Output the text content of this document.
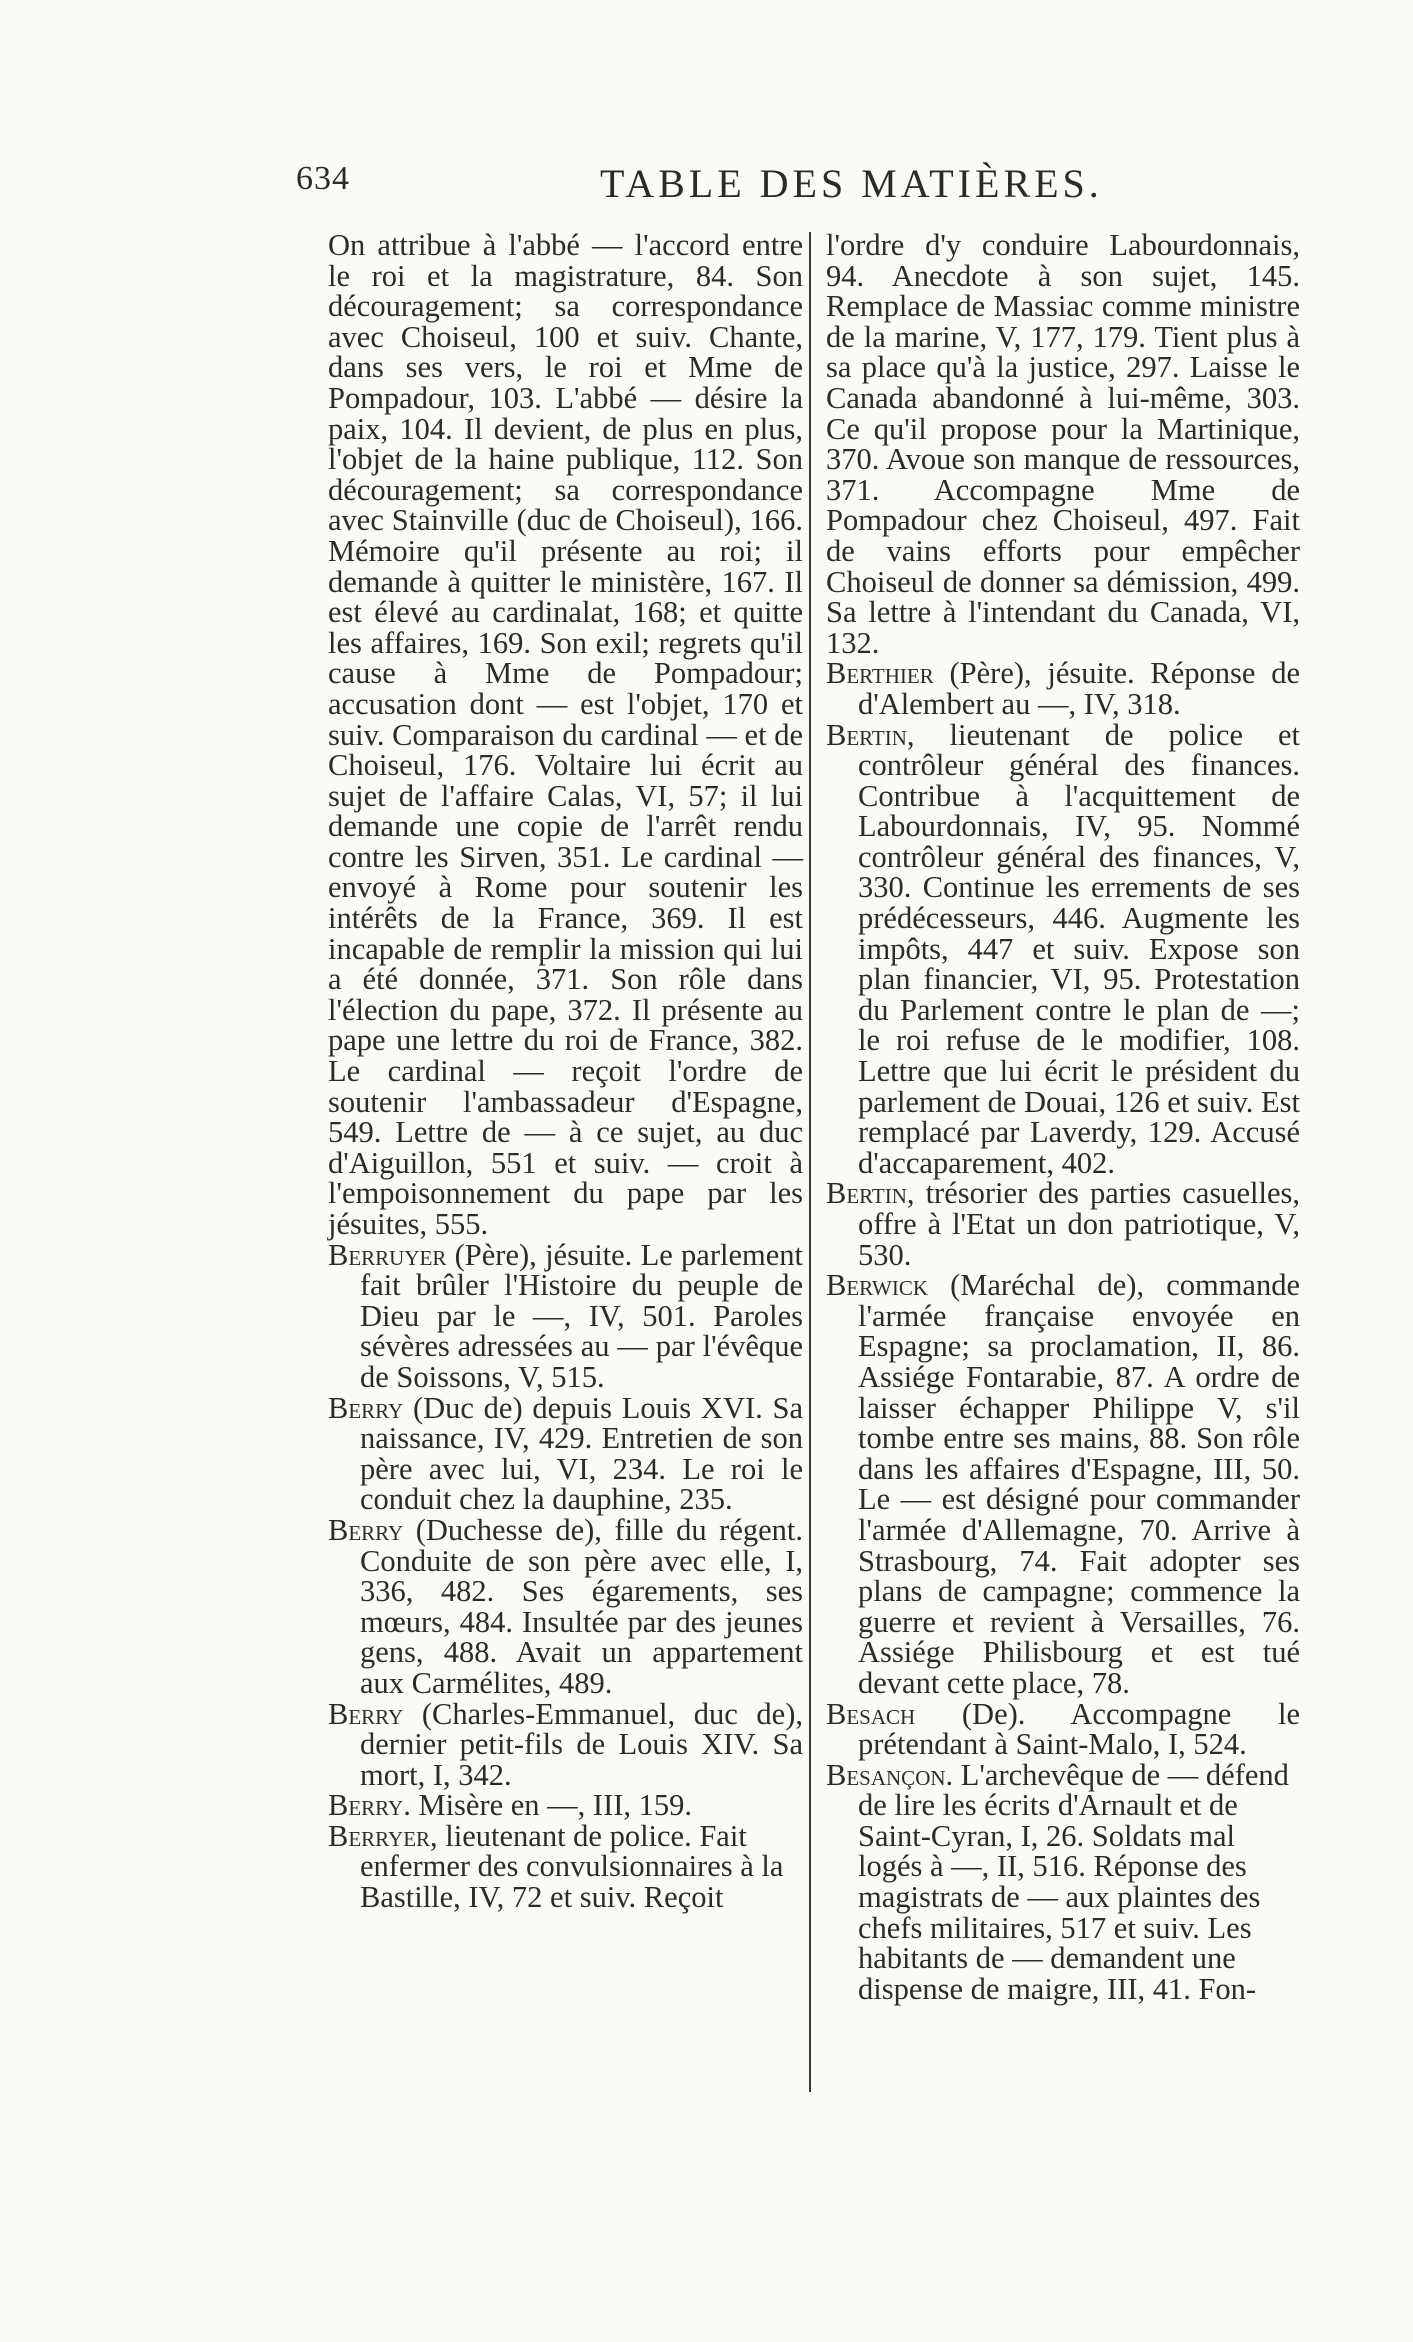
634	TABLE DES MATIÈRES.

On attribue à l'abbé — l'accord entre le roi et la magistrature, 84. Son découragement; sa correspondance avec Choiseul, 100 et suiv. Chante, dans ses vers, le roi et Mme de Pompadour, 103. L'abbé — désire la paix, 104. Il devient, de plus en plus, l'objet de la haine publique, 112. Son découragement; sa correspondance avec Stainville (duc de Choiseul), 166. Mémoire qu'il présente au roi; il demande à quitter le ministère, 167. Il est élevé au cardinalat, 168; et quitte les affaires, 169. Son exil; regrets qu'il cause à Mme de Pompadour; accusation dont — est l'objet, 170 et suiv. Comparaison du cardinal — et de Choiseul, 176. Voltaire lui écrit au sujet de l'affaire Calas, VI, 57; il lui demande une copie de l'arrêt rendu contre les Sirven, 351. Le cardinal — envoyé à Rome pour soutenir les intérêts de la France, 369. Il est incapable de remplir la mission qui lui a été donnée, 371. Son rôle dans l'élection du pape, 372. Il présente au pape une lettre du roi de France, 382. Le cardinal — reçoit l'ordre de soutenir l'ambassadeur d'Espagne, 549. Lettre de — à ce sujet, au duc d'Aiguillon, 551 et suiv. — croit à l'empoisonnement du pape par les jésuites, 555.

Berruyer (Père), jésuite. Le parlement fait brûler l'Histoire du peuple de Dieu par le —, IV, 501. Paroles sévères adressées au — par l'évêque de Soissons, V, 515.

Berry (Duc de) depuis Louis XVI. Sa naissance, IV, 429. Entretien de son père avec lui, VI, 234. Le roi le conduit chez la dauphine, 235.

Berry (Duchesse de), fille du régent. Conduite de son père avec elle, I, 336, 482. Ses égarements, ses mœurs, 484. Insultée par des jeunes gens, 488. Avait un appartement aux Carmélites, 489.

Berry (Charles-Emmanuel, duc de), dernier petit-fils de Louis XIV. Sa mort, I, 342.

Berry. Misère en —, III, 159.

Berryer, lieutenant de police. Fait enfermer des convulsionnaires à la Bastille, IV, 72 et suiv. Reçoit

l'ordre d'y conduire Labourdonnais, 94. Anecdote à son sujet, 145. Remplace de Massiac comme ministre de la marine, V, 177, 179. Tient plus à sa place qu'à la justice, 297. Laisse le Canada abandonné à lui-même, 303. Ce qu'il propose pour la Martinique, 370. Avoue son manque de ressources, 371. Accompagne Mme de Pompadour chez Choiseul, 497. Fait de vains efforts pour empêcher Choiseul de donner sa démission, 499. Sa lettre à l'intendant du Canada, VI, 132.

Berthier (Père), jésuite. Réponse de d'Alembert au —, IV, 318.

Bertin, lieutenant de police et contrôleur général des finances. Contribue à l'acquittement de Labourdonnais, IV, 95. Nommé contrôleur général des finances, V, 330. Continue les errements de ses prédécesseurs, 446. Augmente les impôts, 447 et suiv. Expose son plan financier, VI, 95. Protestation du Parlement contre le plan de —; le roi refuse de le modifier, 108. Lettre que lui écrit le président du parlement de Douai, 126 et suiv. Est remplacé par Laverdy, 129. Accusé d'accaparement, 402.

Bertin, trésorier des parties casuelles, offre à l'Etat un don patriotique, V, 530.

Berwick (Maréchal de), commande l'armée française envoyée en Espagne; sa proclamation, II, 86. Assiége Fontarabie, 87. A ordre de laisser échapper Philippe V, s'il tombe entre ses mains, 88. Son rôle dans les affaires d'Espagne, III, 50. Le — est désigné pour commander l'armée d'Allemagne, 70. Arrive à Strasbourg, 74. Fait adopter ses plans de campagne; commence la guerre et revient à Versailles, 76. Assiége Philisbourg et est tué devant cette place, 78.

Besach (De). Accompagne le prétendant à Saint-Malo, I, 524.

Besançon. L'archevêque de — défend de lire les écrits d'Arnault et de Saint-Cyran, I, 26. Soldats mal logés à —, II, 516. Réponse des magistrats de — aux plaintes des chefs militaires, 517 et suiv. Les habitants de — demandent une dispense de maigre, III, 41. Fon-
